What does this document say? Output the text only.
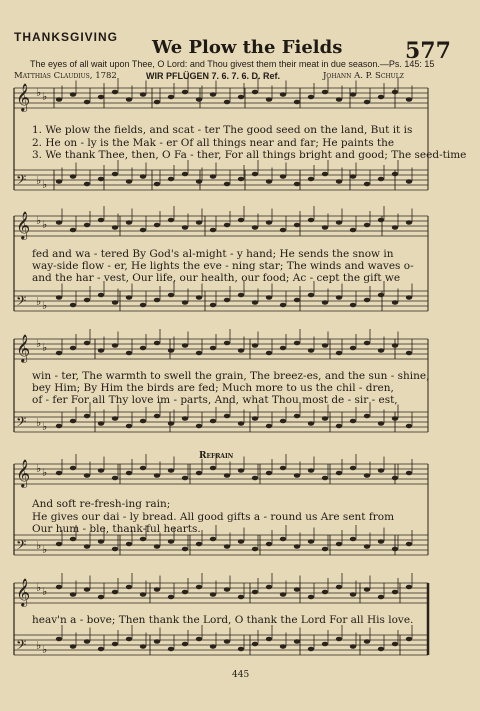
THANKSGIVING We Plow the Fields	577
The eyes of all wait upon Thee, O Lord: and Thou givest them their meat in due season.—Ps. 145: 15
Matthias Claudius, 1782	WIR PFLÜGEN 7. 6. 7. 6. D. Ref.	Johann A. P. Schulz
𝄞 ♭ ♭
𝄢 ♭ ♭
𝄞 ♭ ♭
𝄢 ♭ ♭
𝄞 ♭ ♭
𝄢 ♭ ♭
𝄞 ♭ ♭
𝄢 ♭ ♭
𝄞 ♭ ♭
𝄢 ♭ ♭
1. We plow the fields, and scat - ter The good seed on the land, But it is
2. He on - ly is the Mak - er Of all things near and far; He paints the
3. We thank Thee, then, O Fa - ther, For all things bright and good; The seed-time
fed and wa - tered By God's al-might - y hand; He sends the snow in
way-side flow - er, He lights the eve - ning star; The winds and waves o-
and the har - vest, Our life, our health, our food; Ac - cept the gift we
win - ter, The warmth to swell the grain, The breez-es, and the sun - shine,
bey Him; By Him the birds are fed; Much more to us the chil - dren,
of - fer For all Thy love im - parts, And, what Thou most de - sir - est,
Refrain
And soft re-fresh-ing rain;
He gives our dai - ly bread. All good gifts a - round us Are sent from
Our hum - ble, thank-ful hearts.
heav'n a - bove; Then thank the Lord, O thank the Lord For all His love.
445
